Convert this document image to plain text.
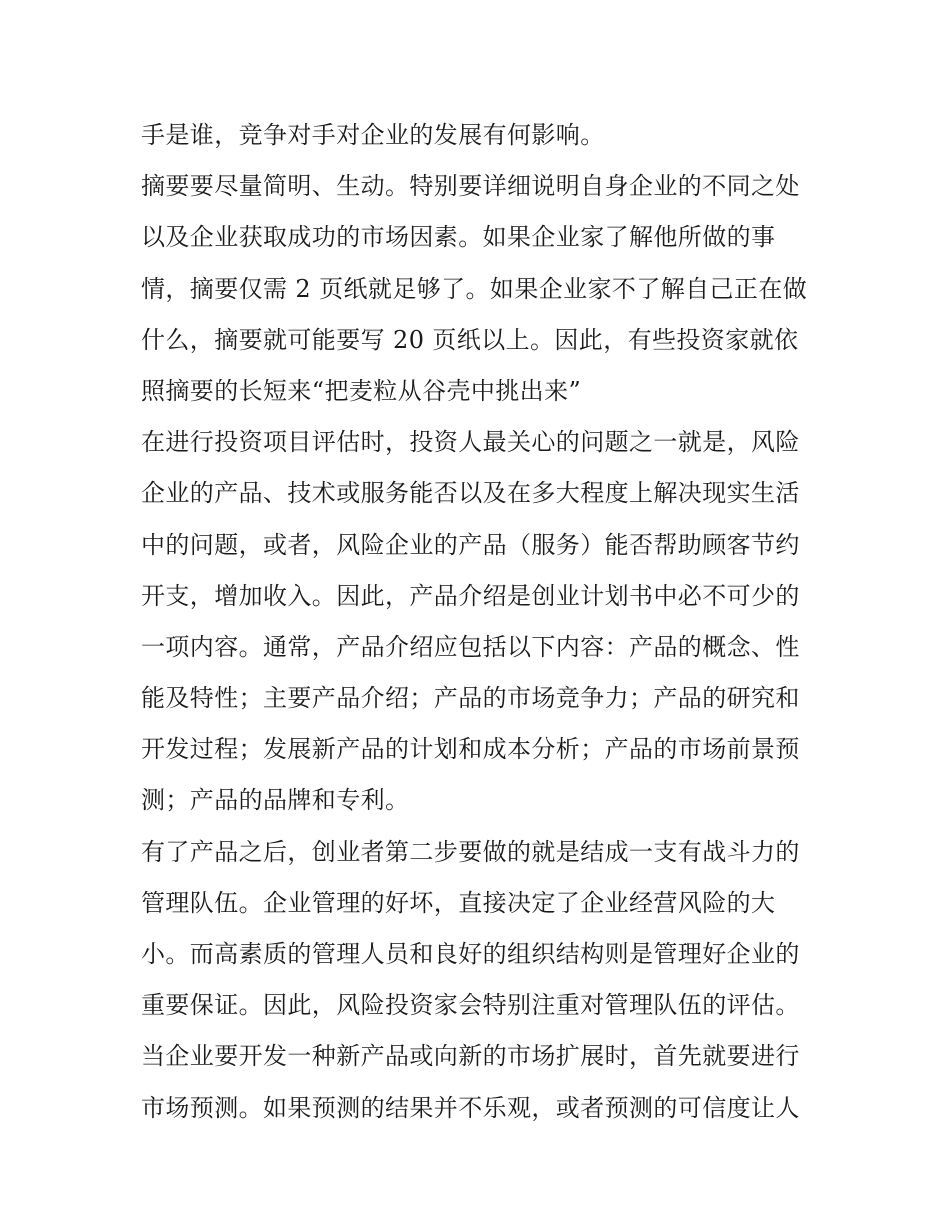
手是谁，竞争对手对企业的发展有何影响。
摘要要尽量简明、生动。特别要详细说明自身企业的不同之处
以及企业获取成功的市场因素。如果企业家了解他所做的事
情，摘要仅需 2 页纸就足够了。如果企业家不了解自己正在做
什么，摘要就可能要写 20 页纸以上。因此，有些投资家就依
照摘要的长短来“把麦粒从谷壳中挑出来”
在进行投资项目评估时，投资人最关心的问题之一就是，风险
企业的产品、技术或服务能否以及在多大程度上解决现实生活
中的问题，或者，风险企业的产品（服务）能否帮助顾客节约
开支，增加收入。因此，产品介绍是创业计划书中必不可少的
一项内容。通常，产品介绍应包括以下内容：产品的概念、性
能及特性；主要产品介绍；产品的市场竞争力；产品的研究和
开发过程；发展新产品的计划和成本分析；产品的市场前景预
测；产品的品牌和专利。
有了产品之后，创业者第二步要做的就是结成一支有战斗力的
管理队伍。企业管理的好坏，直接决定了企业经营风险的大
小。而高素质的管理人员和良好的组织结构则是管理好企业的
重要保证。因此，风险投资家会特别注重对管理队伍的评估。
当企业要开发一种新产品或向新的市场扩展时，首先就要进行
市场预测。如果预测的结果并不乐观，或者预测的可信度让人
